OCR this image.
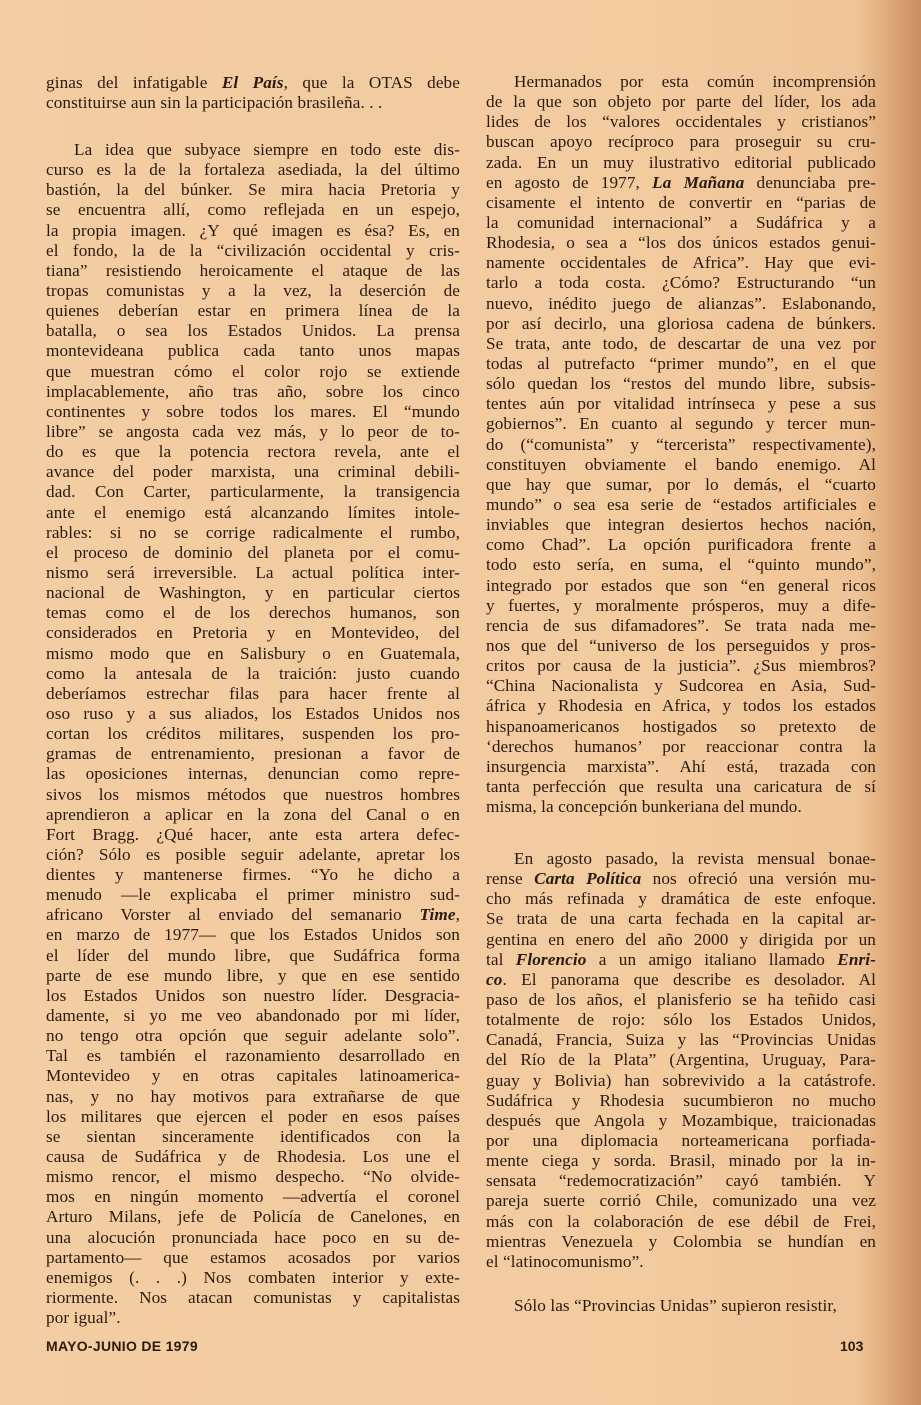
ginas del infatigable El País, que la OTAS debe
constituirse aun sin la participación brasileña. . .
La idea que subyace siempre en todo este dis-
curso es la de la fortaleza asediada, la del último
bastión, la del búnker. Se mira hacia Pretoria y
se encuentra allí, como reflejada en un espejo,
la propia imagen. ¿Y qué imagen es ésa? Es, en
el fondo, la de la “civilización occidental y cris-
tiana” resistiendo heroicamente el ataque de las
tropas comunistas y a la vez, la deserción de
quienes deberían estar en primera línea de la
batalla, o sea los Estados Unidos. La prensa
montevideana publica cada tanto unos mapas
que muestran cómo el color rojo se extiende
implacablemente, año tras año, sobre los cinco
continentes y sobre todos los mares. El “mundo
libre” se angosta cada vez más, y lo peor de to-
do es que la potencia rectora revela, ante el
avance del poder marxista, una criminal debili-
dad. Con Carter, particularmente, la transigencia
ante el enemigo está alcanzando límites intole-
rables: si no se corrige radicalmente el rumbo,
el proceso de dominio del planeta por el comu-
nismo será irreversible. La actual política inter-
nacional de Washington, y en particular ciertos
temas como el de los derechos humanos, son
considerados en Pretoria y en Montevideo, del
mismo modo que en Salisbury o en Guatemala,
como la antesala de la traición: justo cuando
deberíamos estrechar filas para hacer frente al
oso ruso y a sus aliados, los Estados Unidos nos
cortan los créditos militares, suspenden los pro-
gramas de entrenamiento, presionan a favor de
las oposiciones internas, denuncian como repre-
sivos los mismos métodos que nuestros hombres
aprendieron a aplicar en la zona del Canal o en
Fort Bragg. ¿Qué hacer, ante esta artera defec-
ción? Sólo es posible seguir adelante, apretar los
dientes y mantenerse firmes. “Yo he dicho a
menudo —le explicaba el primer ministro sud-
africano Vorster al enviado del semanario Time,
en marzo de 1977— que los Estados Unidos son
el líder del mundo libre, que Sudáfrica forma
parte de ese mundo libre, y que en ese sentido
los Estados Unidos son nuestro líder. Desgracia-
damente, si yo me veo abandonado por mi líder,
no tengo otra opción que seguir adelante solo”.
Tal es también el razonamiento desarrollado en
Montevideo y en otras capitales latinoamerica-
nas, y no hay motivos para extrañarse de que
los militares que ejercen el poder en esos países
se sientan sinceramente identificados con la
causa de Sudáfrica y de Rhodesia. Los une el
mismo rencor, el mismo despecho. “No olvide-
mos en ningún momento —advertía el coronel
Arturo Milans, jefe de Policía de Canelones, en
una alocución pronunciada hace poco en su de-
partamento— que estamos acosados por varios
enemigos (. . .) Nos combaten interior y exte-
riormente. Nos atacan comunistas y capitalistas
por igual”.
Hermanados por esta común incomprensión
de la que son objeto por parte del líder, los ada
lides de los “valores occidentales y cristianos”
buscan apoyo recíproco para proseguir su cru-
zada. En un muy ilustrativo editorial publicado
en agosto de 1977, La Mañana denunciaba pre-
cisamente el intento de convertir en “parias de
la comunidad internacional” a Sudáfrica y a
Rhodesia, o sea a “los dos únicos estados genui-
namente occidentales de Africa”. Hay que evi-
tarlo a toda costa. ¿Cómo? Estructurando “un
nuevo, inédito juego de alianzas”. Eslabonando,
por así decirlo, una gloriosa cadena de búnkers.
Se trata, ante todo, de descartar de una vez por
todas al putrefacto “primer mundo”, en el que
sólo quedan los “restos del mundo libre, subsis-
tentes aún por vitalidad intrínseca y pese a sus
gobiernos”. En cuanto al segundo y tercer mun-
do (“comunista” y “tercerista” respectivamente),
constituyen obviamente el bando enemigo. Al
que hay que sumar, por lo demás, el “cuarto
mundo” o sea esa serie de “estados artificiales e
inviables que integran desiertos hechos nación,
como Chad”. La opción purificadora frente a
todo esto sería, en suma, el “quinto mundo”,
integrado por estados que son “en general ricos
y fuertes, y moralmente prósperos, muy a dife-
rencia de sus difamadores”. Se trata nada me-
nos que del “universo de los perseguidos y pros-
critos por causa de la justicia”. ¿Sus miembros?
“China Nacionalista y Sudcorea en Asia, Sud-
áfrica y Rhodesia en Africa, y todos los estados
hispanoamericanos hostigados so pretexto de
‘derechos humanos’ por reaccionar contra la
insurgencia marxista”. Ahí está, trazada con
tanta perfección que resulta una caricatura de sí
misma, la concepción bunkeriana del mundo.
En agosto pasado, la revista mensual bonae-
rense Carta Política nos ofreció una versión mu-
cho más refinada y dramática de este enfoque.
Se trata de una carta fechada en la capital ar-
gentina en enero del año 2000 y dirigida por un
tal Florencio a un amigo italiano llamado Enri-
co. El panorama que describe es desolador. Al
paso de los años, el planisferio se ha teñido casi
totalmente de rojo: sólo los Estados Unidos,
Canadá, Francia, Suiza y las “Provincias Unidas
del Río de la Plata” (Argentina, Uruguay, Para-
guay y Bolivia) han sobrevivido a la catástrofe.
Sudáfrica y Rhodesia sucumbieron no mucho
después que Angola y Mozambique, traicionadas
por una diplomacia norteamericana porfiada-
mente ciega y sorda. Brasil, minado por la in-
sensata “redemocratización” cayó también. Y
pareja suerte corrió Chile, comunizado una vez
más con la colaboración de ese débil de Frei,
mientras Venezuela y Colombia se hundían en
el “latinocomunismo”.
Sólo las “Provincias Unidas” supieron resistir,
MAYO-JUNIO DE 1979	103
